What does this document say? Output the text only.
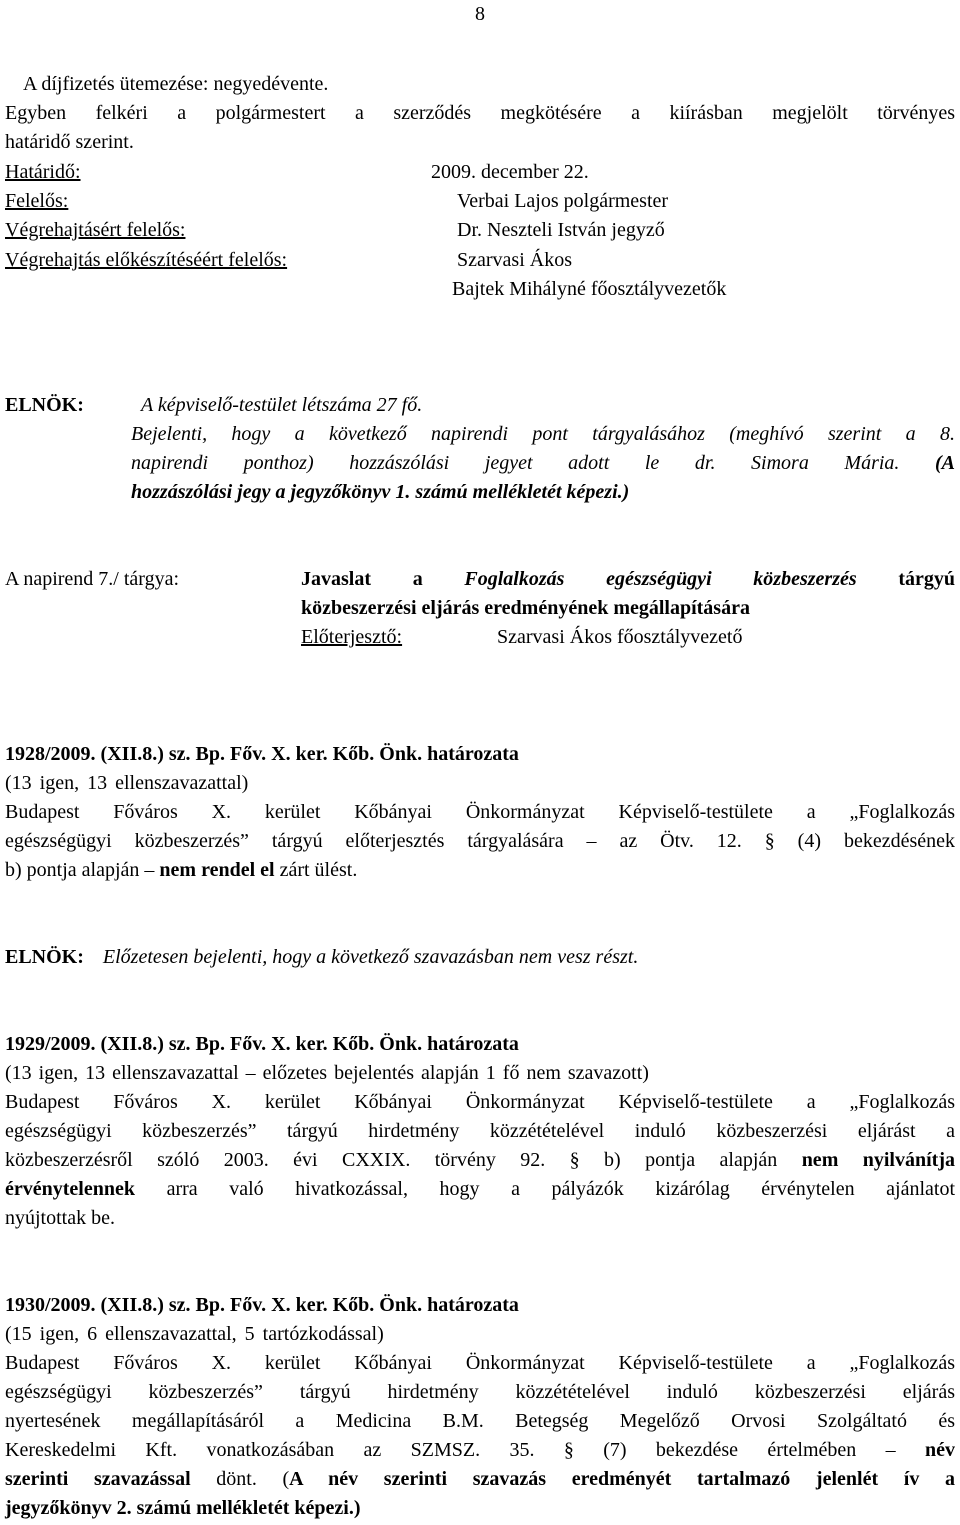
8
A díjfizetés ütemezése: negyedévente.
Egyben felkéri a polgármestert a szerződés megkötésére a kiírásban megjelölt törvényes
határidő szerint.
Határidő:	2009. december 22.
Felelős:	Verbai Lajos polgármester
Végrehajtásért felelős:	Dr. Neszteli István jegyző
Végrehajtás előkészítéséért felelős:	Szarvasi Ákos
Bajtek Mihályné főosztályvezetők
ELNÖK:	A képviselő-testület létszáma 27 fő.
Bejelenti, hogy a következő napirendi pont tárgyalásához (meghívó szerint a 8.
napirendi ponthoz) hozzászólási jegyet adott le dr. Simora Mária. (A
hozzászólási jegy a jegyzőkönyv 1. számú mellékletét képezi.)
A napirend 7./ tárgya:	Javaslat a Foglalkozás egészségügyi közbeszerzés tárgyú
közbeszerzési eljárás eredményének megállapítására
Előterjesztő:	Szarvasi Ákos főosztályvezető
1928/2009. (XII.8.) sz. Bp. Főv. X. ker. Kőb. Önk. határozata
(13 igen, 13 ellenszavazattal)
Budapest Főváros X. kerület Kőbányai Önkormányzat Képviselő-testülete a „Foglalkozás
egészségügyi közbeszerzés” tárgyú előterjesztés tárgyalására – az Ötv. 12. § (4) bekezdésének
b) pontja alapján – nem rendel el zárt ülést.
ELNÖK: Előzetesen bejelenti, hogy a következő szavazásban nem vesz részt.
1929/2009. (XII.8.) sz. Bp. Főv. X. ker. Kőb. Önk. határozata
(13 igen, 13 ellenszavazattal – előzetes bejelentés alapján 1 fő nem szavazott)
Budapest Főváros X. kerület Kőbányai Önkormányzat Képviselő-testülete a „Foglalkozás
egészségügyi közbeszerzés” tárgyú hirdetmény közzétételével induló közbeszerzési eljárást a
közbeszerzésről szóló 2003. évi CXXIX. törvény 92. § b) pontja alapján nem nyilvánítja
érvénytelennek arra való hivatkozással, hogy a pályázók kizárólag érvénytelen ajánlatot
nyújtottak be.
1930/2009. (XII.8.) sz. Bp. Főv. X. ker. Kőb. Önk. határozata
(15 igen, 6 ellenszavazattal, 5 tartózkodással)
Budapest Főváros X. kerület Kőbányai Önkormányzat Képviselő-testülete a „Foglalkozás
egészségügyi közbeszerzés” tárgyú hirdetmény közzétételével induló közbeszerzési eljárás
nyertesének megállapításáról a Medicina B.M. Betegség Megelőző Orvosi Szolgáltató és
Kereskedelmi Kft. vonatkozásában az SZMSZ. 35. § (7) bekezdése értelmében – név
szerinti szavazással dönt. (A név szerinti szavazás eredményét tartalmazó jelenlét ív a
jegyzőkönyv 2. számú mellékletét képezi.)
